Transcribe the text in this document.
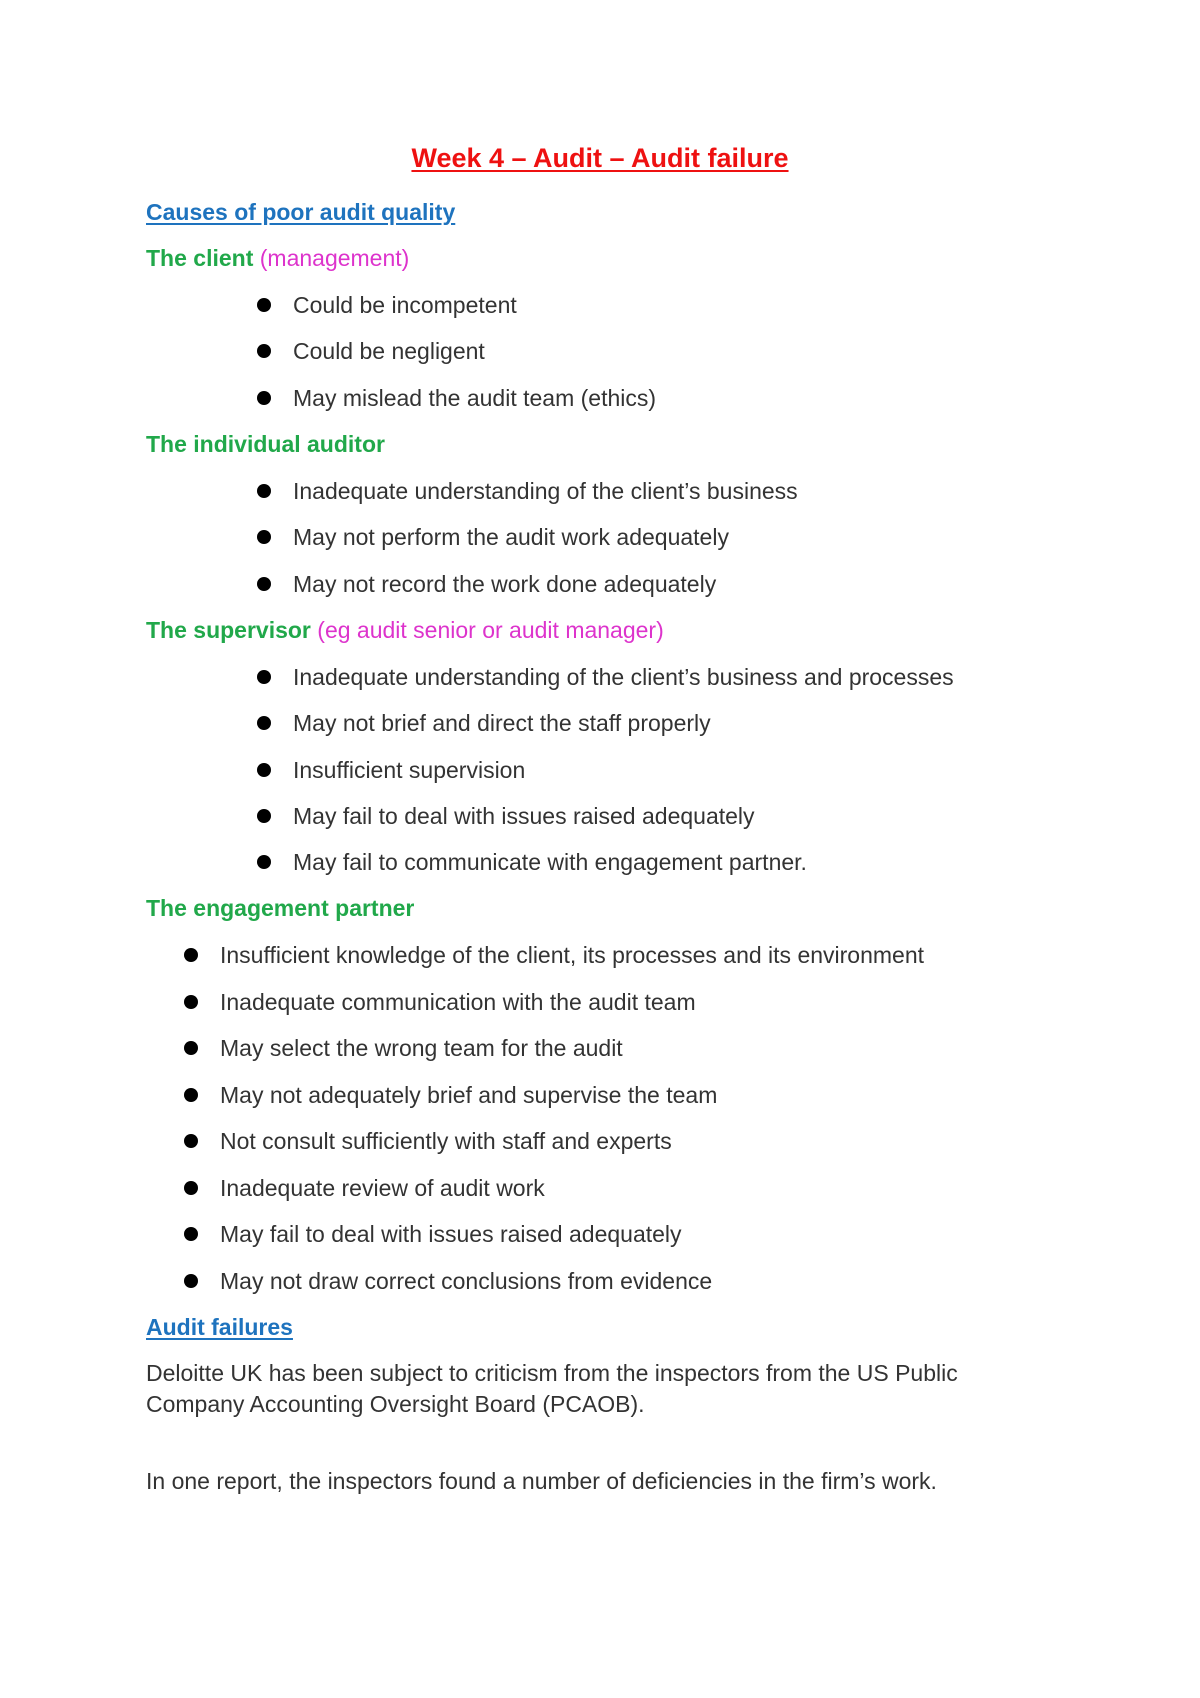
Week 4 – Audit – Audit failure
Causes of poor audit quality
The client (management)
Could be incompetent
Could be negligent
May mislead the audit team (ethics)
The individual auditor
Inadequate understanding of the client’s business
May not perform the audit work adequately
May not record the work done adequately
The supervisor (eg audit senior or audit manager)
Inadequate understanding of the client’s business and processes
May not brief and direct the staff properly
Insufficient supervision
May fail to deal with issues raised adequately
May fail to communicate with engagement partner.
The engagement partner
Insufficient knowledge of the client, its processes and its environment
Inadequate communication with the audit team
May select the wrong team for the audit
May not adequately brief and supervise the team
Not consult sufficiently with staff and experts
Inadequate review of audit work
May fail to deal with issues raised adequately
May not draw correct conclusions from evidence
Audit failures
Deloitte UK has been subject to criticism from the inspectors from the US Public Company Accounting Oversight Board (PCAOB).
In one report, the inspectors found a number of deficiencies in the firm’s work.
